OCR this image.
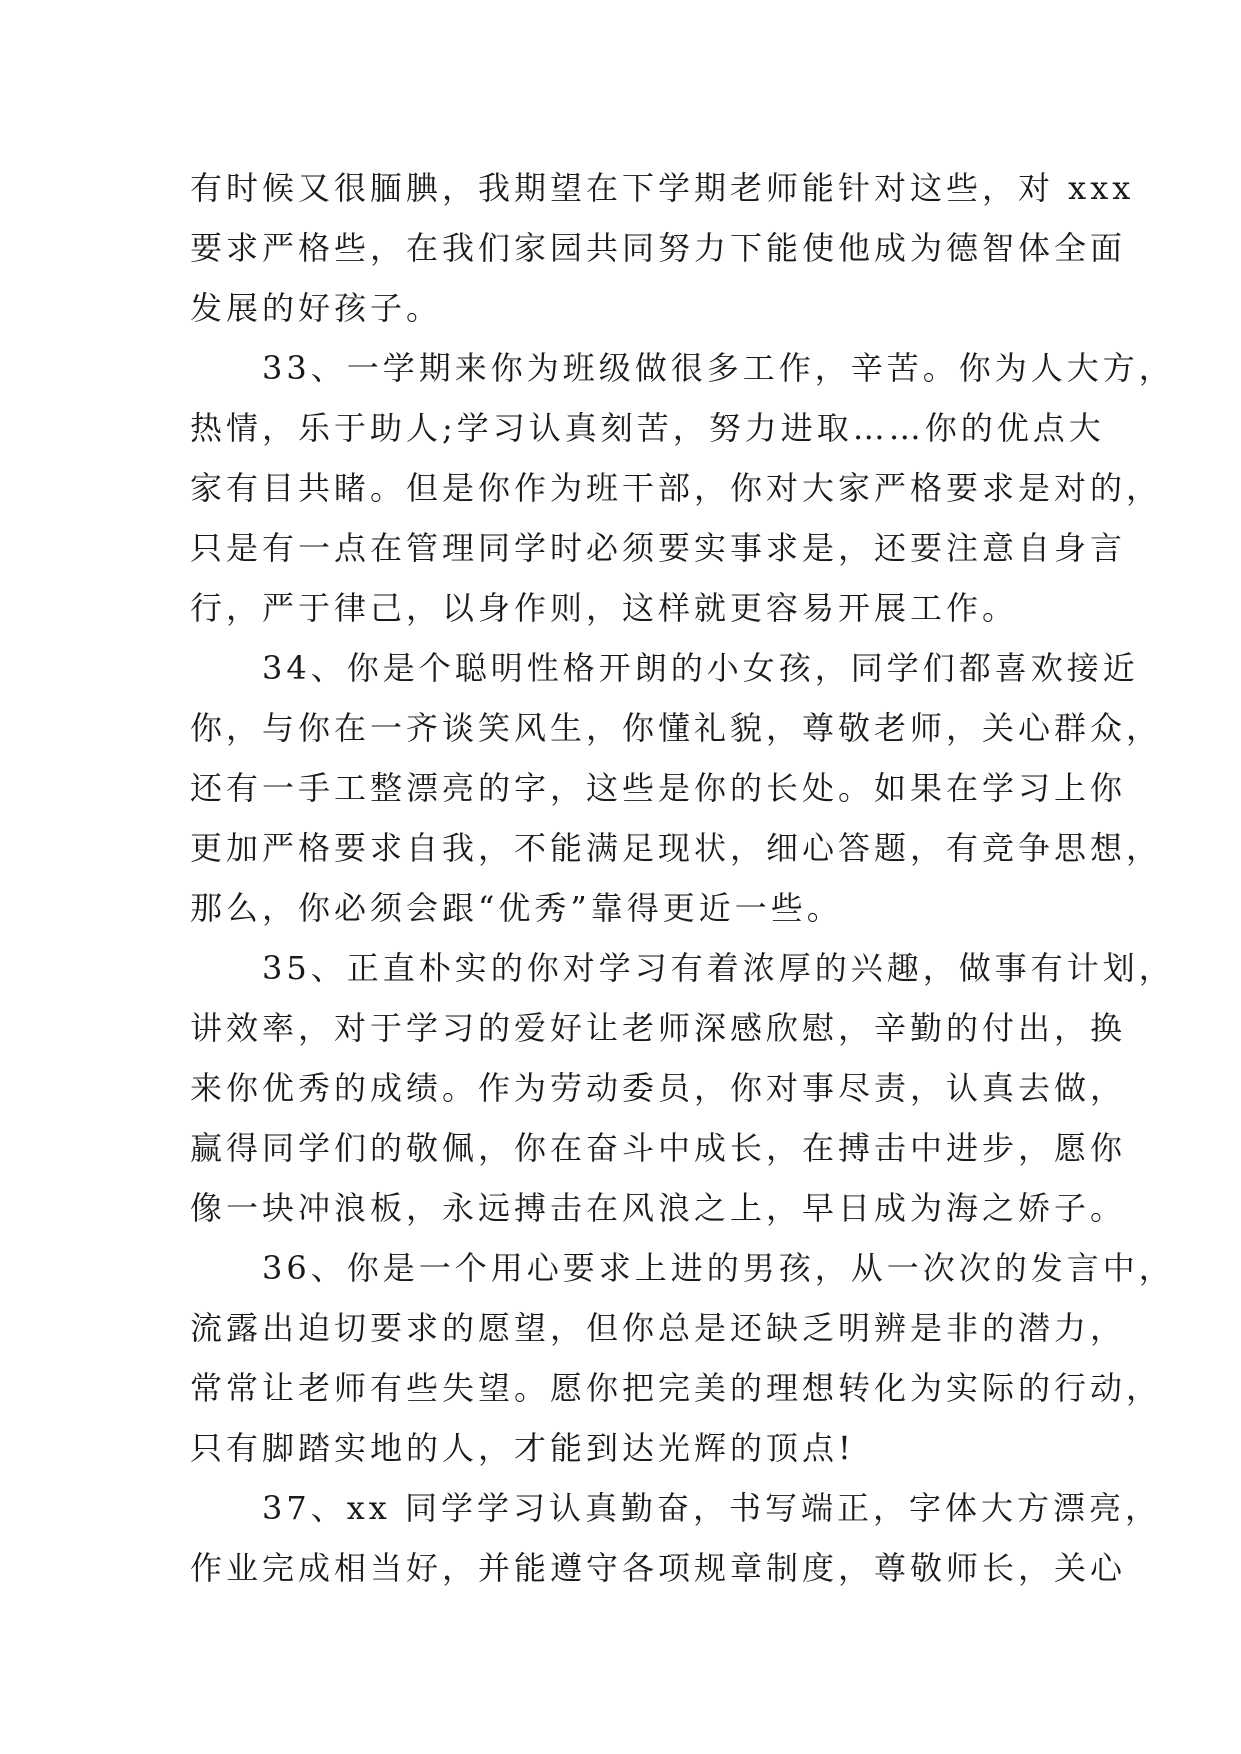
有时候又很腼腆，我期望在下学期老师能针对这些，对 xxx
要求严格些，在我们家园共同努力下能使他成为德智体全面
发展的好孩子。
　　33、一学期来你为班级做很多工作，辛苦。你为人大方，
热情，乐于助人;学习认真刻苦，努力进取……你的优点大
家有目共睹。但是你作为班干部，你对大家严格要求是对的，
只是有一点在管理同学时必须要实事求是，还要注意自身言
行，严于律己，以身作则，这样就更容易开展工作。
　　34、你是个聪明性格开朗的小女孩，同学们都喜欢接近
你，与你在一齐谈笑风生，你懂礼貌，尊敬老师，关心群众，
还有一手工整漂亮的字，这些是你的长处。如果在学习上你
更加严格要求自我，不能满足现状，细心答题，有竞争思想，
那么，你必须会跟“优秀”靠得更近一些。
　　35、正直朴实的你对学习有着浓厚的兴趣，做事有计划，
讲效率，对于学习的爱好让老师深感欣慰，辛勤的付出，换
来你优秀的成绩。作为劳动委员，你对事尽责，认真去做，
赢得同学们的敬佩，你在奋斗中成长，在搏击中进步，愿你
像一块冲浪板，永远搏击在风浪之上，早日成为海之娇子。
　　36、你是一个用心要求上进的男孩，从一次次的发言中，
流露出迫切要求的愿望，但你总是还缺乏明辨是非的潜力，
常常让老师有些失望。愿你把完美的理想转化为实际的行动，
只有脚踏实地的人，才能到达光辉的顶点!
　　37、xx 同学学习认真勤奋，书写端正，字体大方漂亮，
作业完成相当好，并能遵守各项规章制度，尊敬师长，关心
